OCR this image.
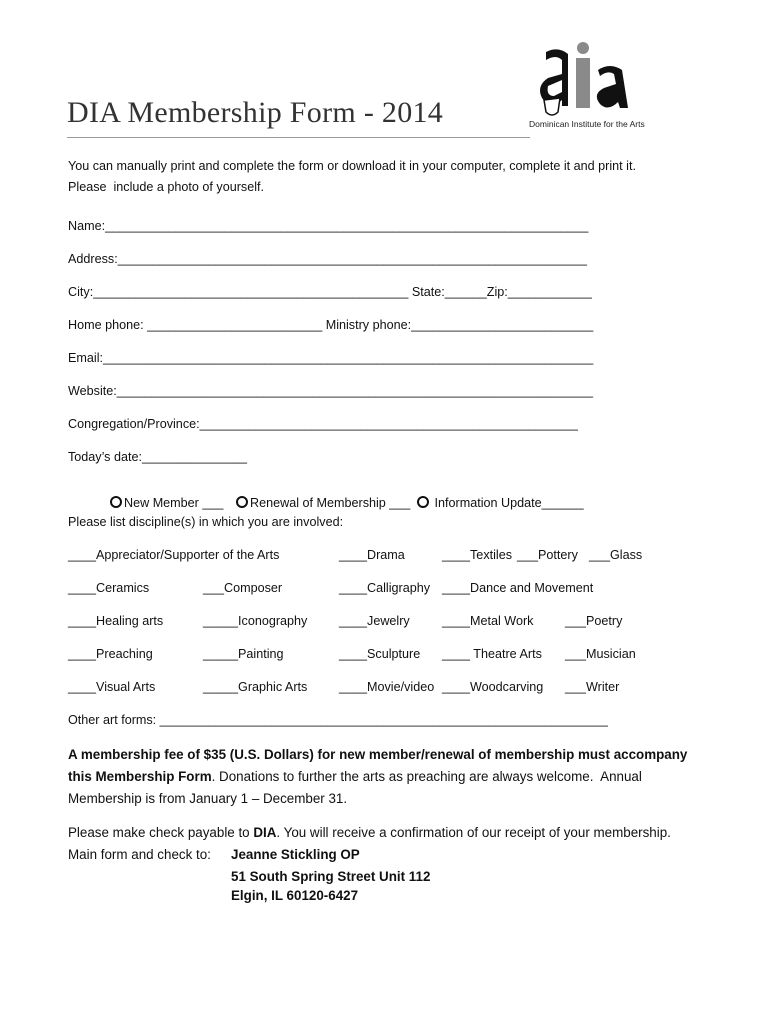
DIA Membership Form - 2014	Dominican Institute for the Arts
You can manually print and complete the form or download it in your computer, complete it and print it.
Please  include a photo of yourself.
Name:_____________________________________________________________________
Address:___________________________________________________________________
City:_____________________________________________ State:______Zip:____________
Home phone: _________________________ Ministry phone:__________________________
Email:______________________________________________________________________
Website:____________________________________________________________________
Congregation/Province:______________________________________________________
Today’s date:_______________

New Member ___	Renewal of Membership ___	Information Update______

Please list discipline(s) in which you are involved:
____Appreciator/Supporter of the Arts	____Drama	____Textiles ___Pottery ___Glass
____Ceramics	___Composer	____Calligraphy ____Dance and Movement
____Healing arts	_____Iconography	____Jewelry	____Metal Work	___Poetry
____Preaching	_____Painting	____Sculpture ____ Theatre Arts ___Musician
____Visual Arts	_____Graphic Arts	____Movie/video ____Woodcarving ___Writer
Other art forms: ________________________________________________________________
A membership fee of $35 (U.S. Dollars) for new member/renewal of membership must accompany
this Membership Form. Donations to further the arts as preaching are always welcome.  Annual
Membership is from January 1 – December 31.
Please make check payable to DIA. You will receive a confirmation of our receipt of your membership.
Main form and check to: Jeanne Stickling OP
51 South Spring Street Unit 112
Elgin, IL 60120-6427
